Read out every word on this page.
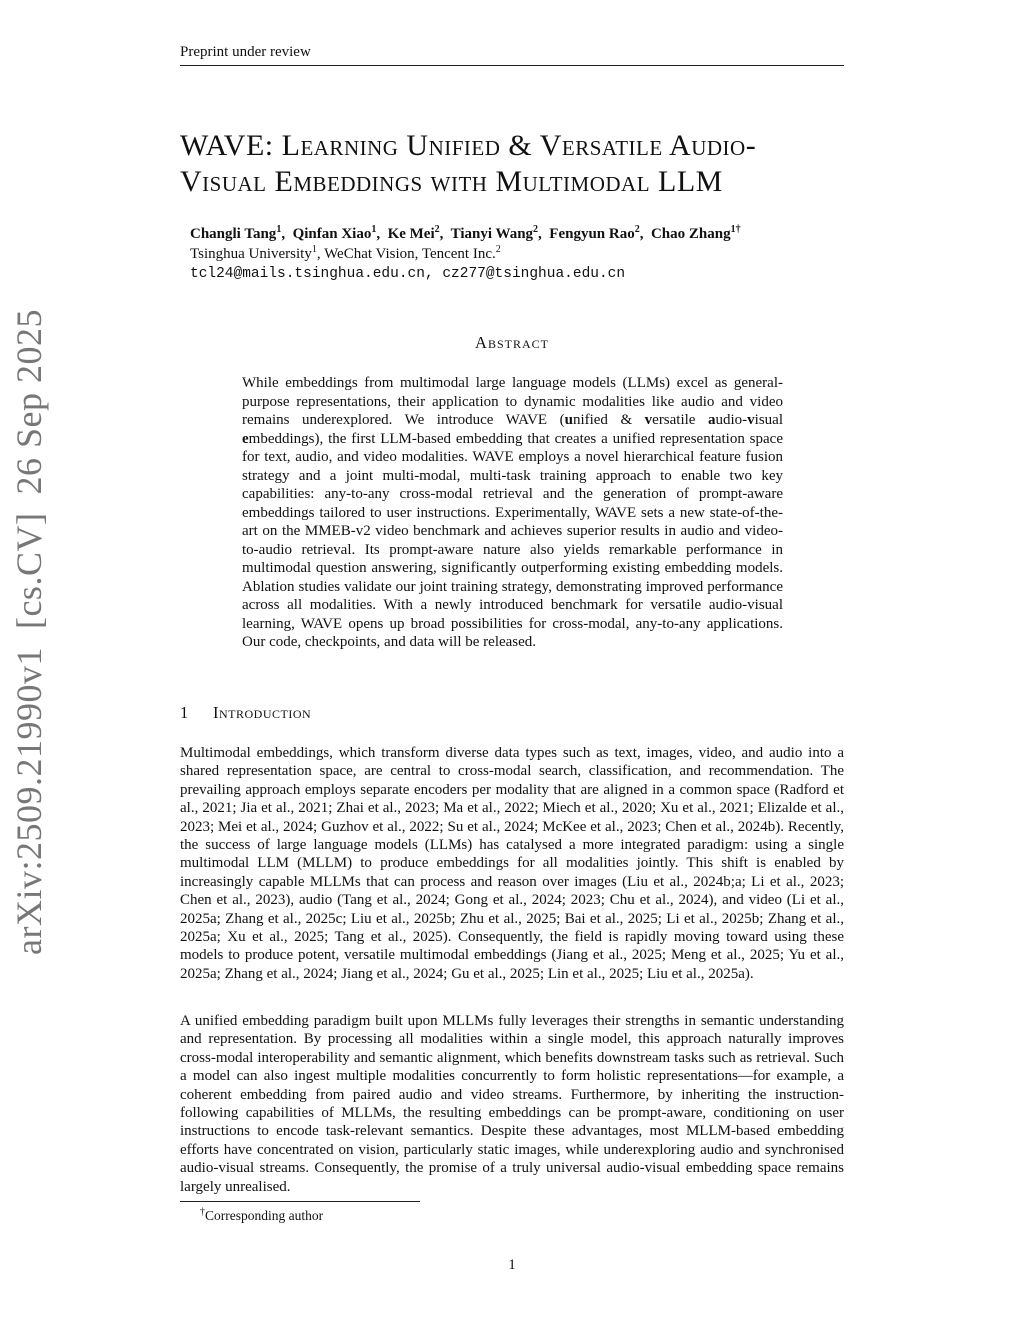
Preprint under review
WAVE: Learning Unified & Versatile Audio-
Visual Embeddings with Multimodal LLM
Changli Tang$^1$,  Qinfan Xiao$^1$,  Ke Mei$^2$,  Tianyi Wang$^2$,  Fengyun Rao$^2$,  Chao Zhang$^{1\dagger}$
Tsinghua University$^1$, WeChat Vision, Tencent Inc.$^2$
tcl24@mails.tsinghua.edu.cn, cz277@tsinghua.edu.cn
Abstract
While embeddings from multimodal large language models (LLMs) excel as general-purpose representations, their application to dynamic modalities like audio and video remains underexplored. We introduce WAVE (unified & versatile audio-visual embeddings), the first LLM-based embedding that creates a unified representation space for text, audio, and video modalities. WAVE employs a novel hierarchical feature fusion strategy and a joint multi-modal, multi-task training approach to enable two key capabilities: any-to-any cross-modal retrieval and the generation of prompt-aware embeddings tailored to user instructions. Experimentally, WAVE sets a new state-of-the-art on the MMEB-v2 video benchmark and achieves superior results in audio and video-to-audio retrieval. Its prompt-aware nature also yields remarkable performance in multimodal question answering, significantly outperforming existing embedding models. Ablation studies validate our joint training strategy, demonstrating improved performance across all modalities. With a newly introduced benchmark for versatile audio-visual learning, WAVE opens up broad possibilities for cross-modal, any-to-any applications. Our code, checkpoints, and data will be released.
1 Introduction
Multimodal embeddings, which transform diverse data types such as text, images, video, and audio into a shared representation space, are central to cross-modal search, classification, and recommendation. The prevailing approach employs separate encoders per modality that are aligned in a common space (Radford et al., 2021; Jia et al., 2021; Zhai et al., 2023; Ma et al., 2022; Miech et al., 2020; Xu et al., 2021; Elizalde et al., 2023; Mei et al., 2024; Guzhov et al., 2022; Su et al., 2024; McKee et al., 2023; Chen et al., 2024b). Recently, the success of large language models (LLMs) has catalysed a more integrated paradigm: using a single multimodal LLM (MLLM) to produce embeddings for all modalities jointly. This shift is enabled by increasingly capable MLLMs that can process and reason over images (Liu et al., 2024b;a; Li et al., 2023; Chen et al., 2023), audio (Tang et al., 2024; Gong et al., 2024; 2023; Chu et al., 2024), and video (Li et al., 2025a; Zhang et al., 2025c; Liu et al., 2025b; Zhu et al., 2025; Bai et al., 2025; Li et al., 2025b; Zhang et al., 2025a; Xu et al., 2025; Tang et al., 2025). Consequently, the field is rapidly moving toward using these models to produce potent, versatile multimodal embeddings (Jiang et al., 2025; Meng et al., 2025; Yu et al., 2025a; Zhang et al., 2024; Jiang et al., 2024; Gu et al., 2025; Lin et al., 2025; Liu et al., 2025a).
A unified embedding paradigm built upon MLLMs fully leverages their strengths in semantic understanding and representation. By processing all modalities within a single model, this approach naturally improves cross-modal interoperability and semantic alignment, which benefits downstream tasks such as retrieval. Such a model can also ingest multiple modalities concurrently to form holistic representations—for example, a coherent embedding from paired audio and video streams. Furthermore, by inheriting the instruction-following capabilities of MLLMs, the resulting embeddings can be prompt-aware, conditioning on user instructions to encode task-relevant semantics. Despite these advantages, most MLLM-based embedding efforts have concentrated on vision, particularly static images, while underexploring audio and synchronised audio-visual streams. Consequently, the promise of a truly universal audio-visual embedding space remains largely unrealised.
†Corresponding author
1
arXiv:2509.21990v1[cs.CV]26 Sep 2025
